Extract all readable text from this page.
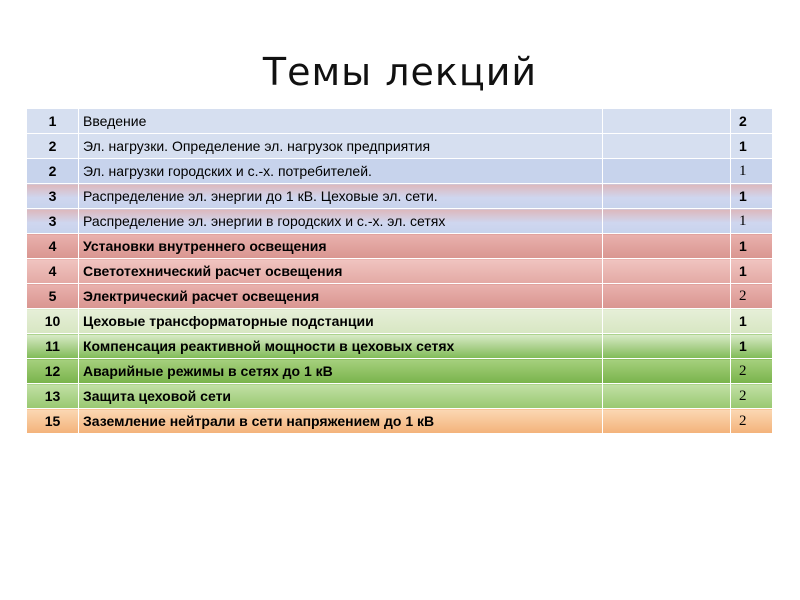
Темы лекций
1	Введение		2
2	Эл. нагрузки. Определение эл. нагрузок предприятия		1
2	Эл. нагрузки городских и с.-х. потребителей.		1
3	Распределение эл. энергии до 1 кВ. Цеховые эл. сети.		1
3	Распределение эл. энергии в городских и с.-х. эл. сетях		1
4	Установки внутреннего освещения		1
4	Светотехнический расчет освещения		1
5	Электрический расчет освещения		2
10	Цеховые трансформаторные подстанции		1
11	Компенсация реактивной мощности в цеховых сетях		1
12	Аварийные режимы в сетях до 1 кВ		2
13	Защита цеховой сети		2
15	Заземление нейтрали в сети напряжением до 1 кВ		2
